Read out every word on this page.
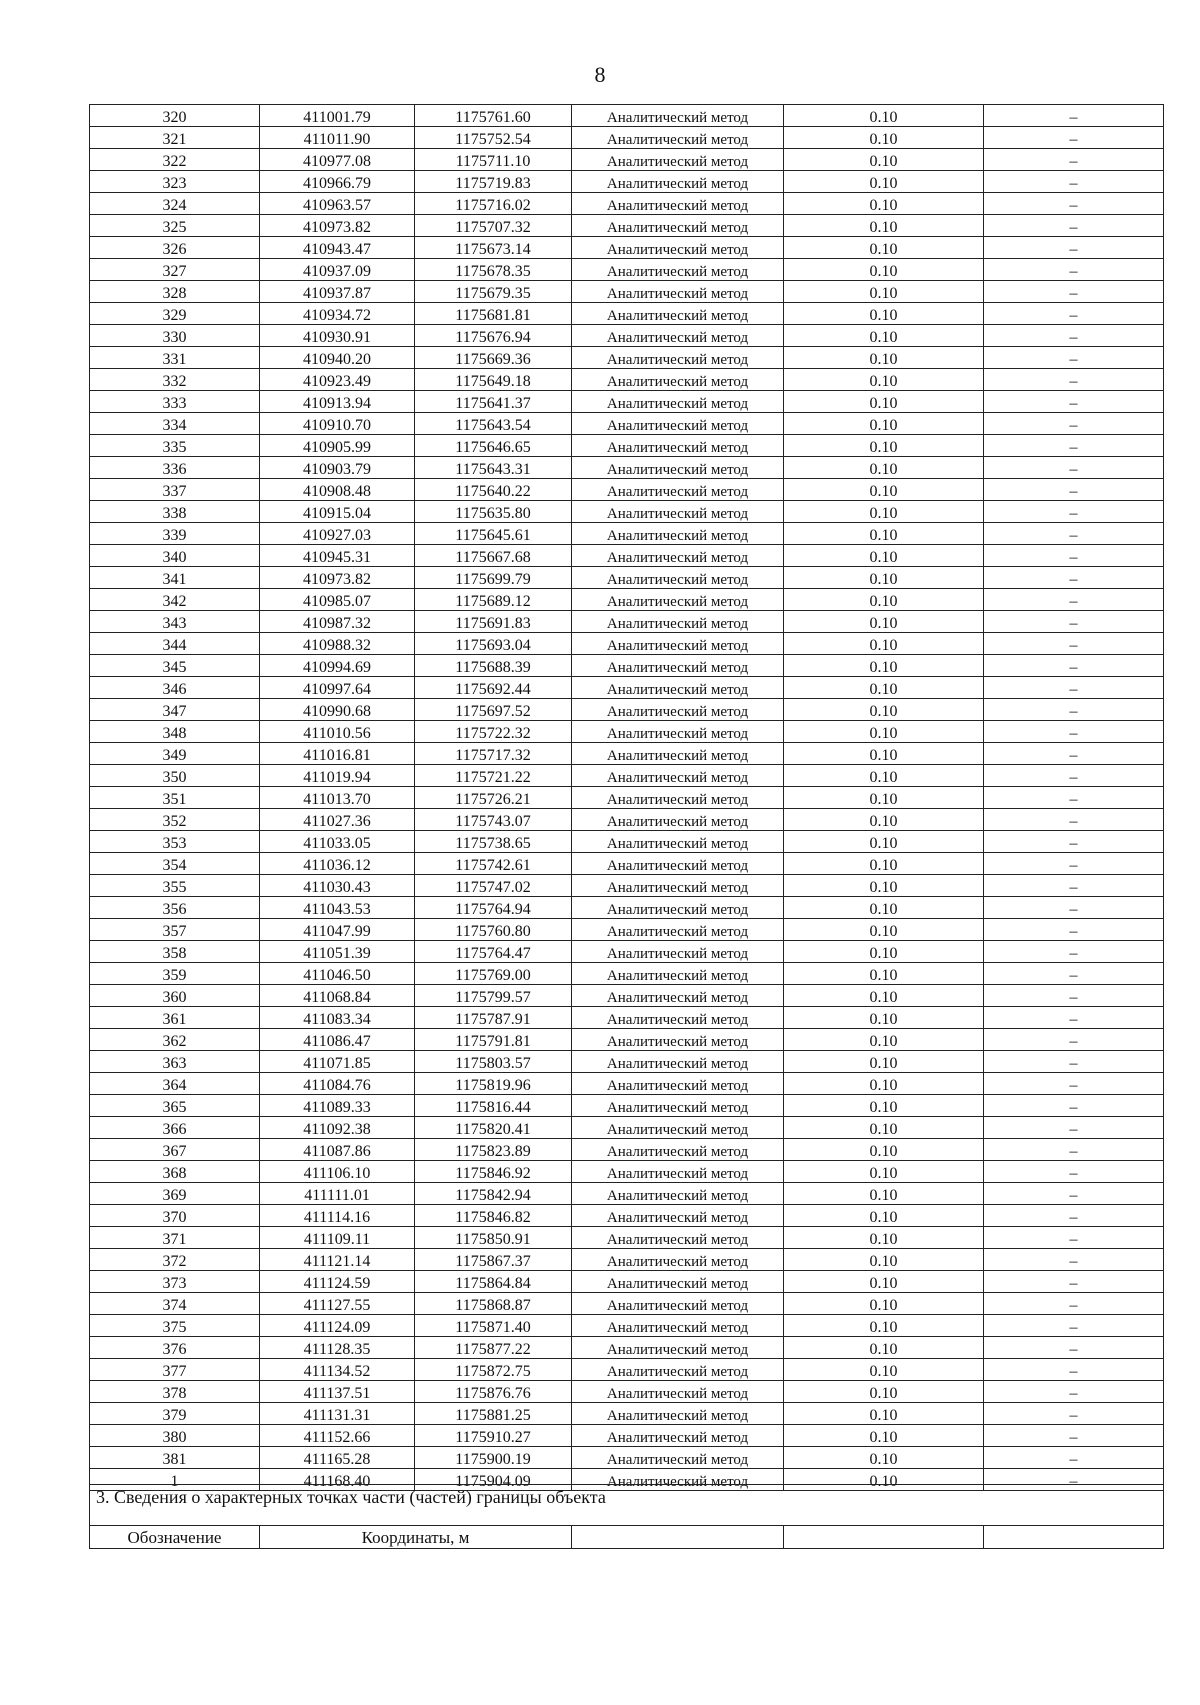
8
320	411001.79	1175761.60	Аналитический метод	0.10	–
321	411011.90	1175752.54	Аналитический метод	0.10	–
322	410977.08	1175711.10	Аналитический метод	0.10	–
323	410966.79	1175719.83	Аналитический метод	0.10	–
324	410963.57	1175716.02	Аналитический метод	0.10	–
325	410973.82	1175707.32	Аналитический метод	0.10	–
326	410943.47	1175673.14	Аналитический метод	0.10	–
327	410937.09	1175678.35	Аналитический метод	0.10	–
328	410937.87	1175679.35	Аналитический метод	0.10	–
329	410934.72	1175681.81	Аналитический метод	0.10	–
330	410930.91	1175676.94	Аналитический метод	0.10	–
331	410940.20	1175669.36	Аналитический метод	0.10	–
332	410923.49	1175649.18	Аналитический метод	0.10	–
333	410913.94	1175641.37	Аналитический метод	0.10	–
334	410910.70	1175643.54	Аналитический метод	0.10	–
335	410905.99	1175646.65	Аналитический метод	0.10	–
336	410903.79	1175643.31	Аналитический метод	0.10	–
337	410908.48	1175640.22	Аналитический метод	0.10	–
338	410915.04	1175635.80	Аналитический метод	0.10	–
339	410927.03	1175645.61	Аналитический метод	0.10	–
340	410945.31	1175667.68	Аналитический метод	0.10	–
341	410973.82	1175699.79	Аналитический метод	0.10	–
342	410985.07	1175689.12	Аналитический метод	0.10	–
343	410987.32	1175691.83	Аналитический метод	0.10	–
344	410988.32	1175693.04	Аналитический метод	0.10	–
345	410994.69	1175688.39	Аналитический метод	0.10	–
346	410997.64	1175692.44	Аналитический метод	0.10	–
347	410990.68	1175697.52	Аналитический метод	0.10	–
348	411010.56	1175722.32	Аналитический метод	0.10	–
349	411016.81	1175717.32	Аналитический метод	0.10	–
350	411019.94	1175721.22	Аналитический метод	0.10	–
351	411013.70	1175726.21	Аналитический метод	0.10	–
352	411027.36	1175743.07	Аналитический метод	0.10	–
353	411033.05	1175738.65	Аналитический метод	0.10	–
354	411036.12	1175742.61	Аналитический метод	0.10	–
355	411030.43	1175747.02	Аналитический метод	0.10	–
356	411043.53	1175764.94	Аналитический метод	0.10	–
357	411047.99	1175760.80	Аналитический метод	0.10	–
358	411051.39	1175764.47	Аналитический метод	0.10	–
359	411046.50	1175769.00	Аналитический метод	0.10	–
360	411068.84	1175799.57	Аналитический метод	0.10	–
361	411083.34	1175787.91	Аналитический метод	0.10	–
362	411086.47	1175791.81	Аналитический метод	0.10	–
363	411071.85	1175803.57	Аналитический метод	0.10	–
364	411084.76	1175819.96	Аналитический метод	0.10	–
365	411089.33	1175816.44	Аналитический метод	0.10	–
366	411092.38	1175820.41	Аналитический метод	0.10	–
367	411087.86	1175823.89	Аналитический метод	0.10	–
368	411106.10	1175846.92	Аналитический метод	0.10	–
369	411111.01	1175842.94	Аналитический метод	0.10	–
370	411114.16	1175846.82	Аналитический метод	0.10	–
371	411109.11	1175850.91	Аналитический метод	0.10	–
372	411121.14	1175867.37	Аналитический метод	0.10	–
373	411124.59	1175864.84	Аналитический метод	0.10	–
374	411127.55	1175868.87	Аналитический метод	0.10	–
375	411124.09	1175871.40	Аналитический метод	0.10	–
376	411128.35	1175877.22	Аналитический метод	0.10	–
377	411134.52	1175872.75	Аналитический метод	0.10	–
378	411137.51	1175876.76	Аналитический метод	0.10	–
379	411131.31	1175881.25	Аналитический метод	0.10	–
380	411152.66	1175910.27	Аналитический метод	0.10	–
381	411165.28	1175900.19	Аналитический метод	0.10	–
1	411168.40	1175904.09	Аналитический метод	0.10	–
3. Сведения о характерных точках части (частей) границы объекта
Обозначение	Координаты, м			
